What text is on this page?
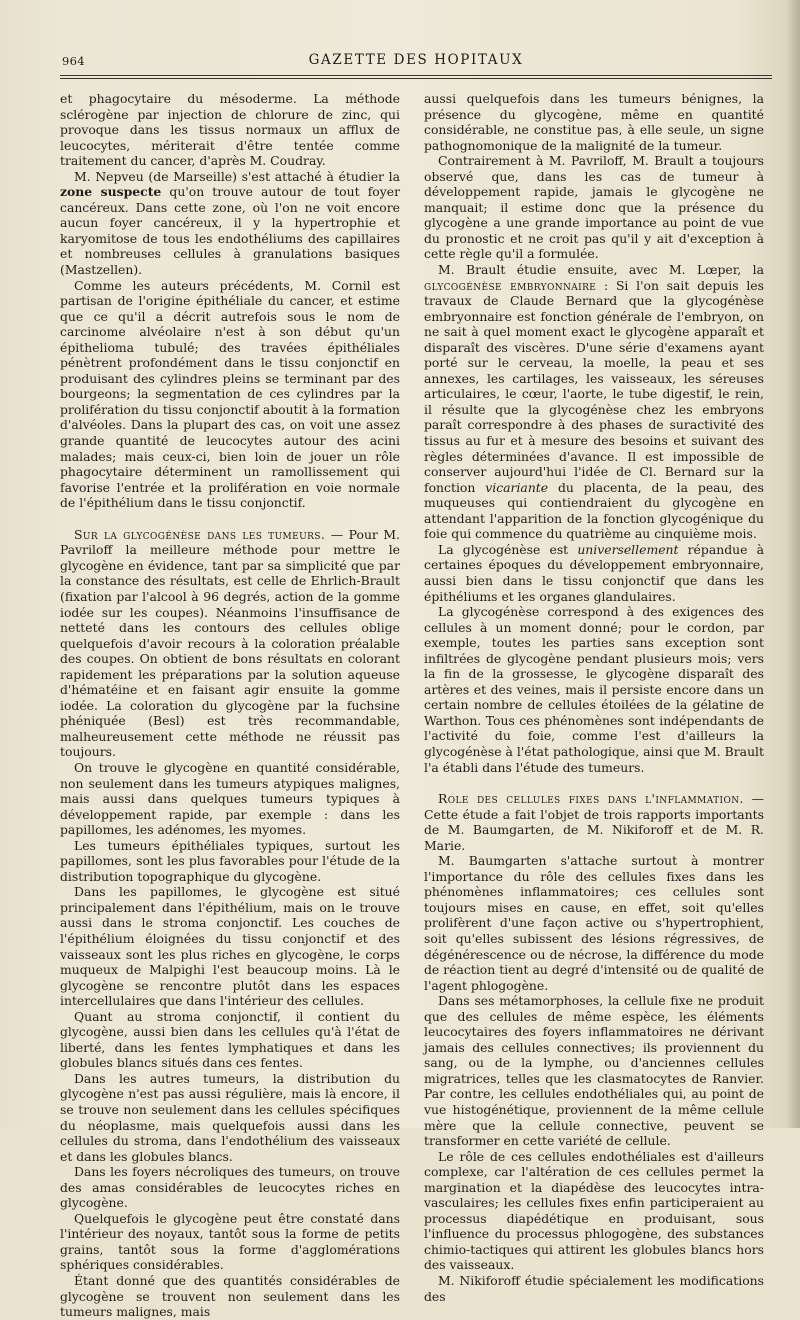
964	GAZETTE DES HOPITAUX

et phagocytaire du mésoderme. La méthode sclérogène par injection de chlorure de zinc, qui provoque dans les tissus normaux un afflux de leucocytes, mériterait d'être tentée comme traitement du cancer, d'après M. Coudray.

M. Nepveu (de Marseille) s'est attaché à étudier la zone suspecte qu'on trouve autour de tout foyer cancéreux. Dans cette zone, où l'on ne voit encore aucun foyer cancéreux, il y la hypertrophie et karyomitose de tous les endothéliums des capillaires et nombreuses cellules à granulations basiques (Mastzellen).

Comme les auteurs précédents, M. Cornil est partisan de l'origine épithéliale du cancer, et estime que ce qu'il a décrit autrefois sous le nom de carcinome alvéolaire n'est à son début qu'un épithelioma tubulé; des travées épithéliales pénètrent profondément dans le tissu conjonctif en produisant des cylindres pleins se terminant par des bourgeons; la segmentation de ces cylindres par la prolifération du tissu conjonctif aboutit à la formation d'alvéoles. Dans la plupart des cas, on voit une assez grande quantité de leucocytes autour des acini malades; mais ceux-ci, bien loin de jouer un rôle phagocytaire déterminent un ramollissement qui favorise l'entrée et la prolifération en voie normale de l'épithélium dans le tissu conjonctif.

Sur la glycogénèse dans les tumeurs. — Pour M. Pavriloff la meilleure méthode pour mettre le glycogène en évidence, tant par sa simplicité que par la constance des résultats, est celle de Ehrlich-Brault (fixation par l'alcool à 96 degrés, action de la gomme iodée sur les coupes). Néanmoins l'insuffisance de netteté dans les contours des cellules oblige quelquefois d'avoir recours à la coloration préalable des coupes. On obtient de bons résultats en colorant rapidement les préparations par la solution aqueuse d'hématéine et en faisant agir ensuite la gomme iodée. La coloration du glycogène par la fuchsine phéniquée (Besl) est très recommandable, malheureusement cette méthode ne réussit pas toujours.

On trouve le glycogène en quantité considérable, non seulement dans les tumeurs atypiques malignes, mais aussi dans quelques tumeurs typiques à développement rapide, par exemple : dans les papillomes, les adénomes, les myomes.

Les tumeurs épithéliales typiques, surtout les papillomes, sont les plus favorables pour l'étude de la distribution topographique du glycogène.

Dans les papillomes, le glycogène est situé principalement dans l'épithélium, mais on le trouve aussi dans le stroma conjonctif. Les couches de l'épithélium éloignées du tissu conjonctif et des vaisseaux sont les plus riches en glycogène, le corps muqueux de Malpighi l'est beaucoup moins. Là le glycogène se rencontre plutôt dans les espaces intercellulaires que dans l'intérieur des cellules.

Quant au stroma conjonctif, il contient du glycogène, aussi bien dans les cellules qu'à l'état de liberté, dans les fentes lymphatiques et dans les globules blancs situés dans ces fentes.

Dans les autres tumeurs, la distribution du glycogène n'est pas aussi régulière, mais là encore, il se trouve non seulement dans les cellules spécifiques du néoplasme, mais quelquefois aussi dans les cellules du stroma, dans l'endothélium des vaisseaux et dans les globules blancs.

Dans les foyers nécroliques des tumeurs, on trouve des amas considérables de leucocytes riches en glycogène.

Quelquefois le glycogène peut être constaté dans l'intérieur des noyaux, tantôt sous la forme de petits grains, tantôt sous la forme d'agglomérations sphériques considérables.

Étant donné que des quantités considérables de glycogène se trouvent non seulement dans les tumeurs malignes, mais

aussi quelquefois dans les tumeurs bénignes, la présence du glycogène, même en quantité considérable, ne constitue pas, à elle seule, un signe pathognomonique de la malignité de la tumeur.

Contrairement à M. Pavriloff, M. Brault a toujours observé que, dans les cas de tumeur à développement rapide, jamais le glycogène ne manquait; il estime donc que la présence du glycogène a une grande importance au point de vue du pronostic et ne croit pas qu'il y ait d'exception à cette règle qu'il a formulée.

M. Brault étudie ensuite, avec M. Lœper, la glycogénèse embryonnaire : Si l'on sait depuis les travaux de Claude Bernard que la glycogénèse embryonnaire est fonction générale de l'embryon, on ne sait à quel moment exact le glycogène apparaît et disparaît des viscères. D'une série d'examens ayant porté sur le cerveau, la moelle, la peau et ses annexes, les cartilages, les vaisseaux, les séreuses articulaires, le cœur, l'aorte, le tube digestif, le rein, il résulte que la glycogénèse chez les embryons paraît correspondre à des phases de suractivité des tissus au fur et à mesure des besoins et suivant des règles déterminées d'avance. Il est impossible de conserver aujourd'hui l'idée de Cl. Bernard sur la fonction vicariante du placenta, de la peau, des muqueuses qui contiendraient du glycogène en attendant l'apparition de la fonction glycogénique du foie qui commence du quatrième au cinquième mois.

La glycogénèse est universellement répandue à certaines époques du développement embryonnaire, aussi bien dans le tissu conjonctif que dans les épithéliums et les organes glandulaires.

La glycogénèse correspond à des exigences des cellules à un moment donné; pour le cordon, par exemple, toutes les parties sans exception sont infiltrées de glycogène pendant plusieurs mois; vers la fin de la grossesse, le glycogène disparaît des artères et des veines, mais il persiste encore dans un certain nombre de cellules étoilées de la gélatine de Warthon. Tous ces phénomènes sont indépendants de l'activité du foie, comme l'est d'ailleurs la glycogénèse à l'état pathologique, ainsi que M. Brault l'a établi dans l'étude des tumeurs.

Role des cellules fixes dans l'inflammation. — Cette étude a fait l'objet de trois rapports importants de M. Baumgarten, de M. Nikiforoff et de M. R. Marie.

M. Baumgarten s'attache surtout à montrer l'importance du rôle des cellules fixes dans les phénomènes inflammatoires; ces cellules sont toujours mises en cause, en effet, soit qu'elles prolifèrent d'une façon active ou s'hypertrophient, soit qu'elles subissent des lésions régressives, de dégénérescence ou de nécrose, la différence du mode de réaction tient au degré d'intensité ou de qualité de l'agent phlogogène.

Dans ses métamorphoses, la cellule fixe ne produit que des cellules de même espèce, les éléments leucocytaires des foyers inflammatoires ne dérivant jamais des cellules connectives; ils proviennent du sang, ou de la lymphe, ou d'anciennes cellules migratrices, telles que les clasmatocytes de Ranvier. Par contre, les cellules endothéliales qui, au point de vue histogénétique, proviennent de la même cellule mère que la cellule connective, peuvent se transformer en cette variété de cellule.

Le rôle de ces cellules endothéliales est d'ailleurs complexe, car l'altération de ces cellules permet la margination et la diapédèse des leucocytes intra-vasculaires; les cellules fixes enfin participeraient au processus diapédétique en produisant, sous l'influence du processus phlogogène, des substances chimio-tactiques qui attirent les globules blancs hors des vaisseaux.

M. Nikiforoff étudie spécialement les modifications des
